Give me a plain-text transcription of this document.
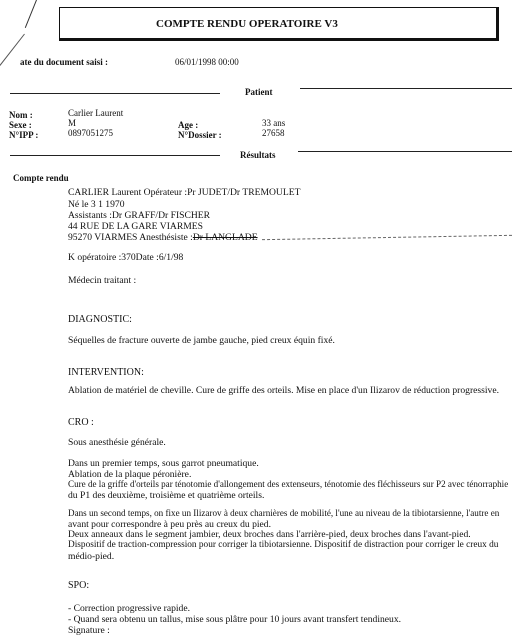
COMPTE RENDU OPERATOIRE V3
ate du document saisi :	06/01/1998 00:00
Patient
Nom :	Carlier Laurent
Sexe :	M
N°IPP :	0897051275
Age :	33 ans
N°Dossier :	27658
Résultats
Compte rendu
CARLIER Laurent Opérateur :Pr JUDET/Dr TREMOULET
Né le 3 1 1970
Assistants :Dr GRAFF/Dr FISCHER
44 RUE DE LA GARE VIARMES
95270 VIARMES Anesthésiste :Dr LANGLADE
K opératoire :370Date :6/1/98
Médecin traitant :
DIAGNOSTIC:
Séquelles de fracture ouverte de jambe gauche, pied creux équin fixé.
INTERVENTION:
Ablation de matériel de cheville. Cure de griffe des orteils. Mise en place d'un Ilizarov de réduction progressive.
CRO :
Sous anesthésie générale.
Dans un premier temps, sous garrot pneumatique.
Ablation de la plaque péronière.
Cure de la griffe d'orteils par ténotomie d'allongement des extenseurs, ténotomie des fléchisseurs sur P2 avec ténorraphie
du P1 des deuxième, troisième et quatrième orteils.
Dans un second temps, on fixe un Ilizarov à deux charnières de mobilité, l'une au niveau de la tibiotarsienne, l'autre en
avant pour correspondre à peu près au creux du pied.
Deux anneaux dans le segment jambier, deux broches dans l'arrière-pied, deux broches dans l'avant-pied.
Dispositif de traction-compression pour corriger la tibiotarsienne. Dispositif de distraction pour corriger le creux du
médio-pied.
SPO:
- Correction progressive rapide.
- Quand sera obtenu un tallus, mise sous plâtre pour 10 jours avant transfert tendineux.
Signature :
